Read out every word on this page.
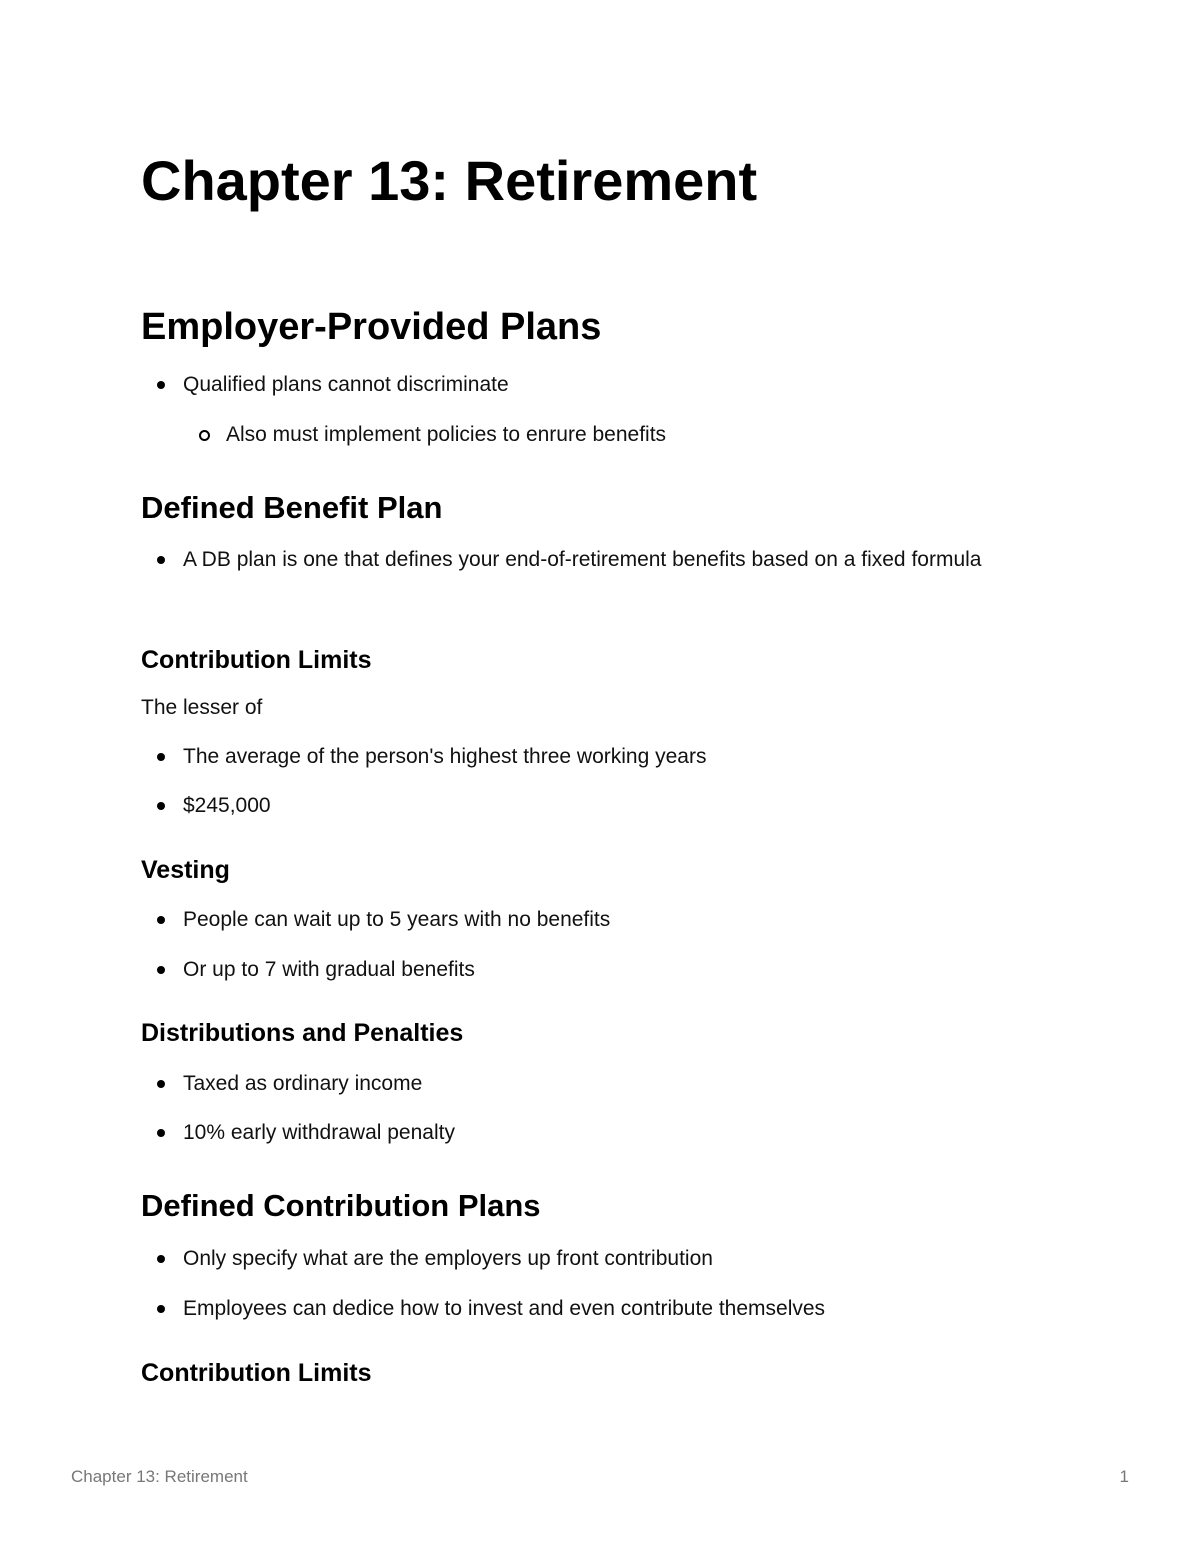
Chapter 13: Retirement
Employer-Provided Plans

Qualified plans cannot discriminate

Also must implement policies to enrure benefits

Defined Benefit Plan

A DB plan is one that defines your end-of-retirement benefits based on a fixed formula

Contribution Limits

The lesser of

The average of the person's highest three working years

$245,000

Vesting

People can wait up to 5 years with no benefits

Or up to 7 with gradual benefits

Distributions and Penalties

Taxed as ordinary income

10% early withdrawal penalty

Defined Contribution Plans

Only specify what are the employers up front contribution

Employees can dedice how to invest and even contribute themselves

Contribution Limits

Chapter 13: Retirement	1
